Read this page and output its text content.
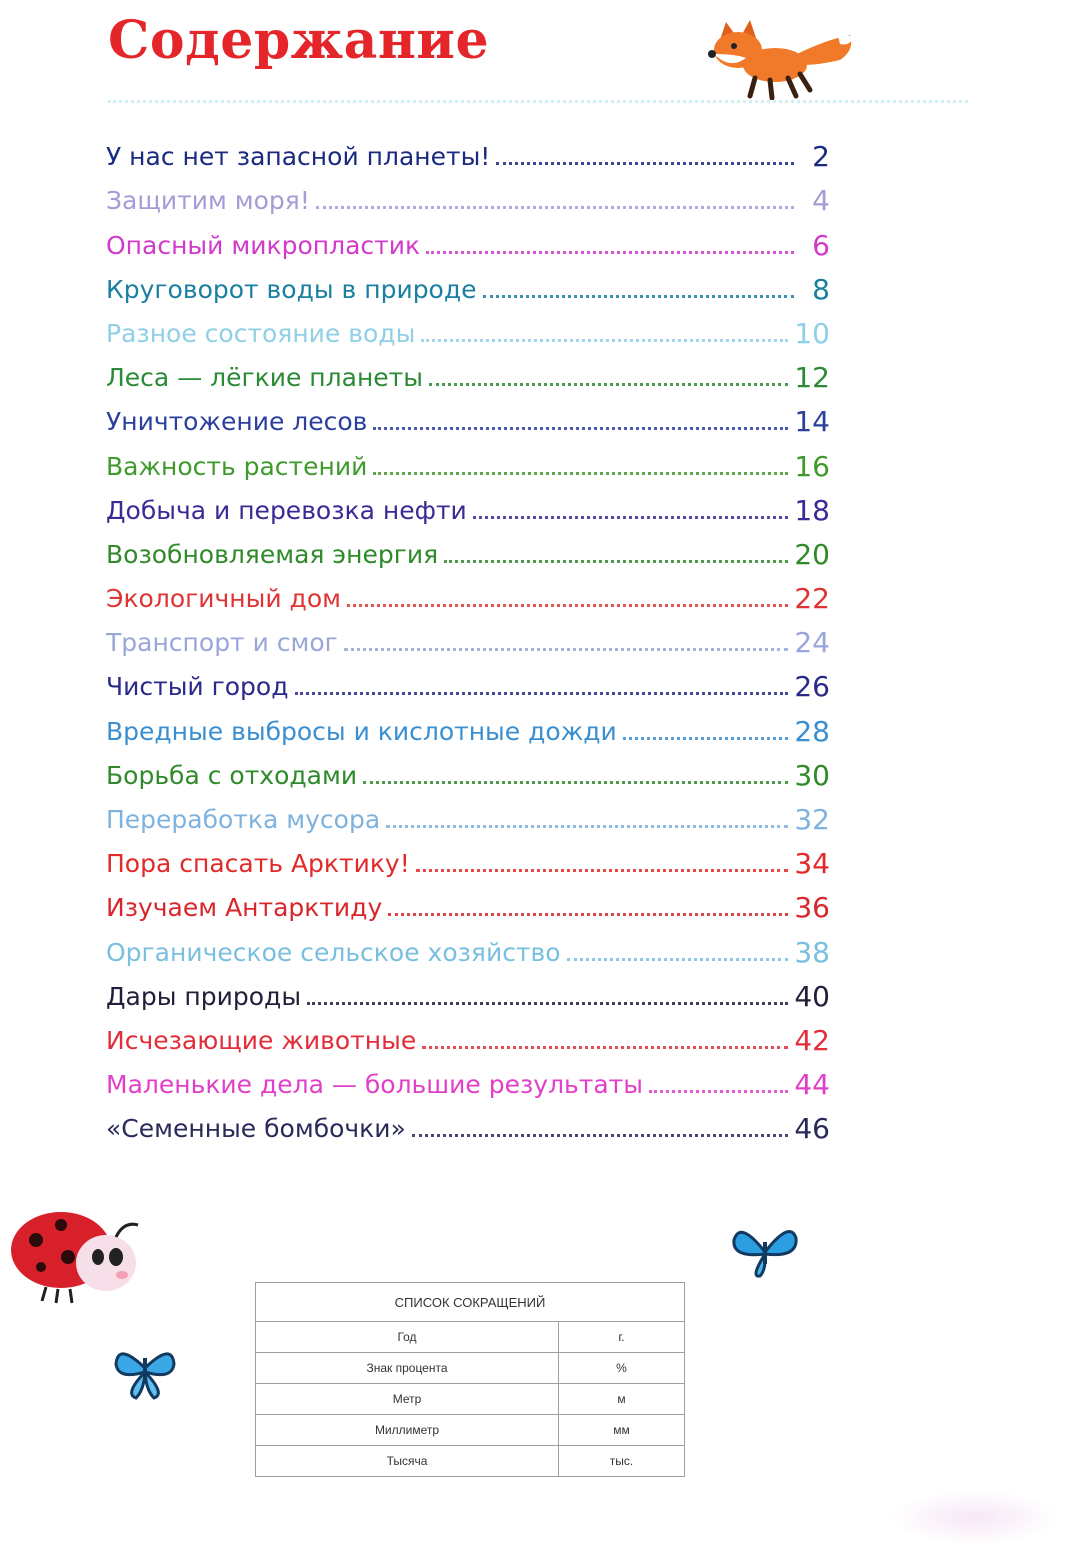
Содержание
У нас нет запасной планеты!	2
Защитим моря!	4
Опасный микропластик	6
Круговорот воды в природе	8
Разное состояние воды	10
Леса — лёгкие планеты	12
Уничтожение лесов	14
Важность растений	16
Добыча и перевозка нефти	18
Возобновляемая энергия	20
Экологичный дом	22
Транспорт и смог	24
Чистый город	26
Вредные выбросы и кислотные дожди	28
Борьба с отходами	30
Переработка мусора	32
Пора спасать Арктику!	34
Изучаем Антарктиду	36
Органическое сельское хозяйство	38
Дары природы	40
Исчезающие животные	42
Маленькие дела — большие результаты	44
«Семенные бомбочки»	46
СПИСОК СОКРАЩЕНИЙ	
Год	г.
Знак процента	%
Метр	м
Миллиметр	мм
Тысяча	тыс.
